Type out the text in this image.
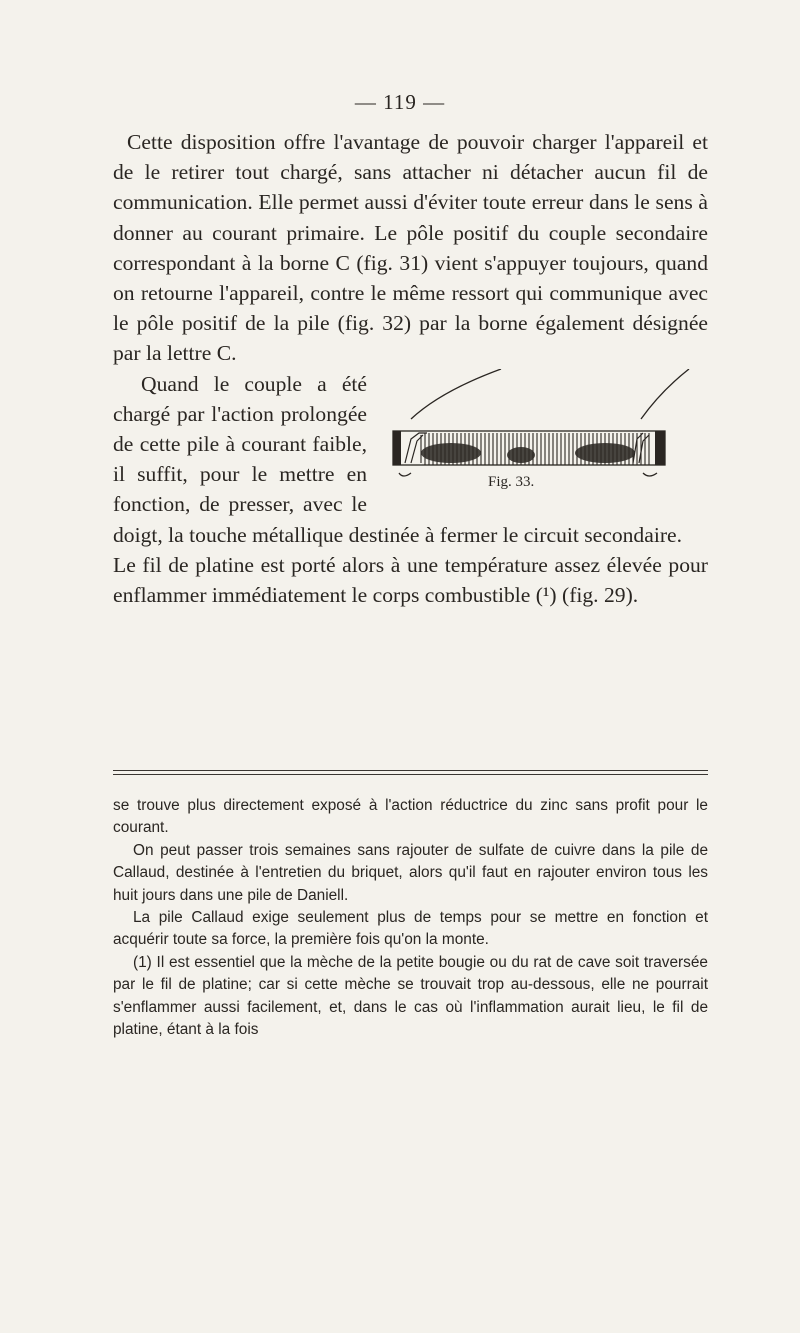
— 119 —

Cette disposition offre l'avantage de pouvoir charger l'appareil et de le retirer tout chargé, sans attacher ni détacher aucun fil de communication. Elle permet aussi d'éviter toute erreur dans le sens à donner au courant primaire. Le pôle positif du couple secondaire correspondant à la borne C (fig. 31) vient s'appuyer toujours, quand on retourne l'appareil, contre le même ressort qui communique avec le pôle positif de la pile (fig. 32) par la borne également désignée par la lettre C.

Fig. 33.

Quand le couple a été chargé par l'action prolongée de cette pile à courant faible, il suffit, pour le mettre en fonction, de presser, avec le doigt, la touche métallique destinée à fermer le circuit secondaire.

Le fil de platine est porté alors à une température assez élevée pour enflammer immédiatement le corps combustible (¹) (fig. 29).

se trouve plus directement exposé à l'action réductrice du zinc sans profit pour le courant.

On peut passer trois semaines sans rajouter de sulfate de cuivre dans la pile de Callaud, destinée à l'entretien du briquet, alors qu'il faut en rajouter environ tous les huit jours dans une pile de Daniell.

La pile Callaud exige seulement plus de temps pour se mettre en fonction et acquérir toute sa force, la première fois qu'on la monte.

(1) Il est essentiel que la mèche de la petite bougie ou du rat de cave soit traversée par le fil de platine; car si cette mèche se trouvait trop au-dessous, elle ne pourrait s'enflammer aussi facilement, et, dans le cas où l'inflammation aurait lieu, le fil de platine, étant à la fois
